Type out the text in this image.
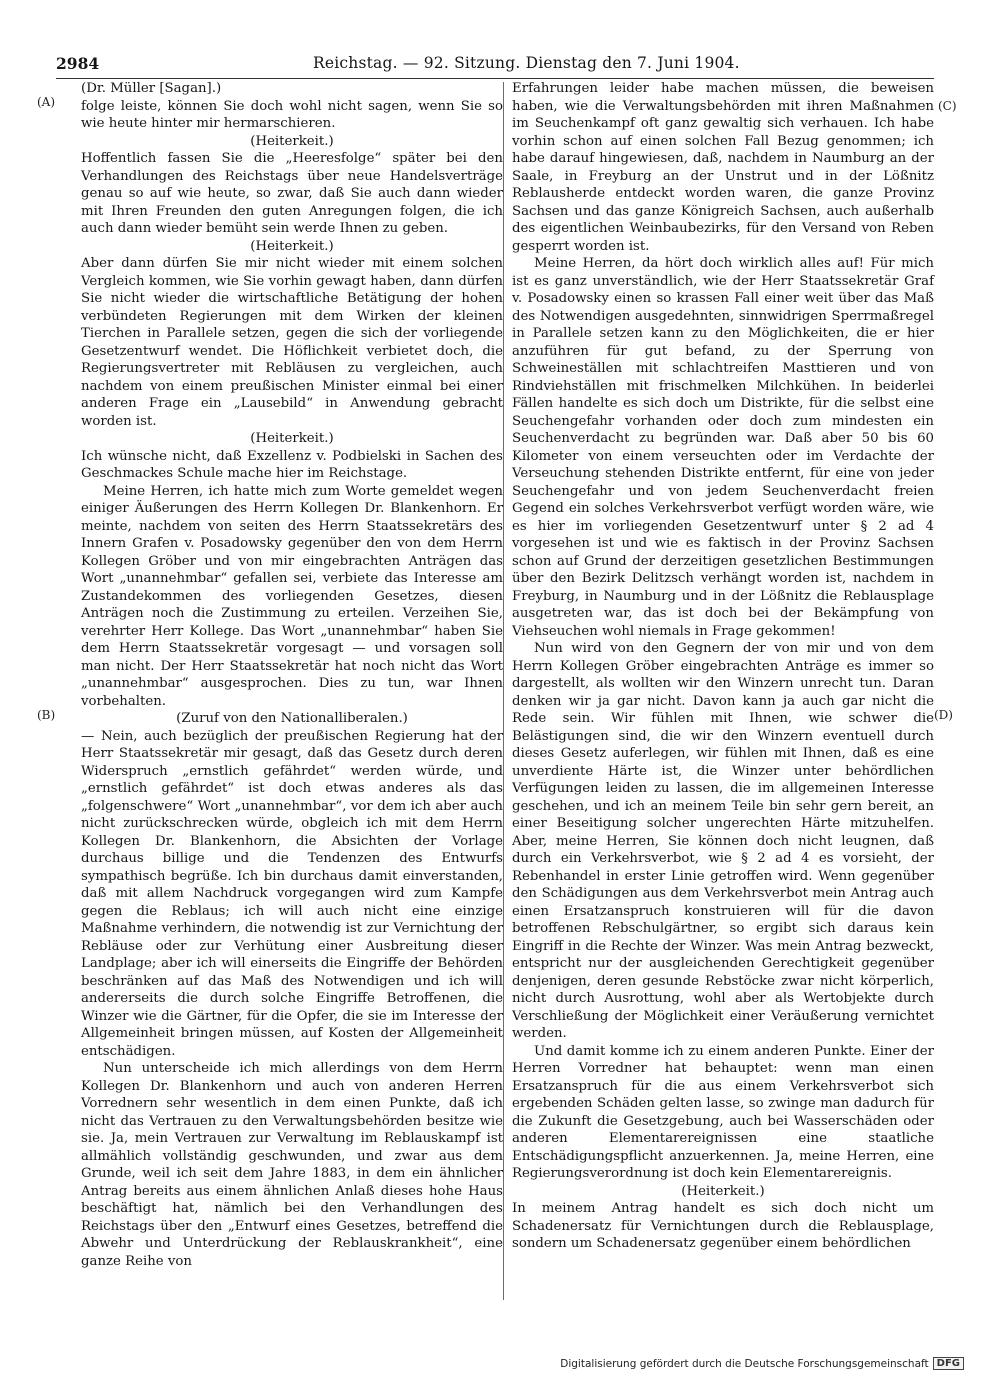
2984	Reichstag. — 92. Sitzung. Dienstag den 7. Juni 1904.
(A)
(B)
(C)
(D)
(Dr. Müller [Sagan].)

folge leiste, können Sie doch wohl nicht sagen, wenn Sie so wie heute hinter mir hermarschieren.

(Heiterkeit.)

Hoffentlich fassen Sie die „Heeresfolge“ später bei den Verhandlungen des Reichstags über neue Handelsverträge genau so auf wie heute, so zwar, daß Sie auch dann wieder mit Ihren Freunden den guten Anregungen folgen, die ich auch dann wieder bemüht sein werde Ihnen zu geben.

(Heiterkeit.)

Aber dann dürfen Sie mir nicht wieder mit einem solchen Vergleich kommen, wie Sie vorhin gewagt haben, dann dürfen Sie nicht wieder die wirtschaftliche Betätigung der hohen verbündeten Regierungen mit dem Wirken der kleinen Tierchen in Parallele setzen, gegen die sich der vorliegende Gesetzentwurf wendet. Die Höflichkeit verbietet doch, die Regierungsvertreter mit Rebläusen zu vergleichen, auch nachdem von einem preußischen Minister einmal bei einer anderen Frage ein „Lausebild“ in Anwendung gebracht worden ist.

(Heiterkeit.)

Ich wünsche nicht, daß Exzellenz v. Podbielski in Sachen des Geschmackes Schule mache hier im Reichstage.

Meine Herren, ich hatte mich zum Worte gemeldet wegen einiger Äußerungen des Herrn Kollegen Dr. Blankenhorn. Er meinte, nachdem von seiten des Herrn Staatssekretärs des Innern Grafen v. Posadowsky gegenüber den von dem Herrn Kollegen Gröber und von mir eingebrachten Anträgen das Wort „unannehmbar“ gefallen sei, verbiete das Interesse am Zustandekommen des vorliegenden Gesetzes, diesen Anträgen noch die Zustimmung zu erteilen. Verzeihen Sie, verehrter Herr Kollege. Das Wort „unannehmbar“ haben Sie dem Herrn Staatssekretär vorgesagt — und vorsagen soll man nicht. Der Herr Staatssekretär hat noch nicht das Wort „unannehmbar“ ausgesprochen. Dies zu tun, war Ihnen vorbehalten.

(Zuruf von den Nationalliberalen.)

— Nein, auch bezüglich der preußischen Regierung hat der Herr Staatssekretär mir gesagt, daß das Gesetz durch deren Widerspruch „ernstlich gefährdet“ werden würde, und „ernstlich gefährdet“ ist doch etwas anderes als das „folgenschwere“ Wort „unannehmbar“, vor dem ich aber auch nicht zurückschrecken würde, obgleich ich mit dem Herrn Kollegen Dr. Blankenhorn, die Absichten der Vorlage durchaus billige und die Tendenzen des Entwurfs sympathisch begrüße. Ich bin durchaus damit einverstanden, daß mit allem Nachdruck vorgegangen wird zum Kampfe gegen die Reblaus; ich will auch nicht eine einzige Maßnahme verhindern, die notwendig ist zur Vernichtung der Rebläuse oder zur Verhütung einer Ausbreitung dieser Landplage; aber ich will einerseits die Eingriffe der Behörden beschränken auf das Maß des Notwendigen und ich will andererseits die durch solche Eingriffe Betroffenen, die Winzer wie die Gärtner, für die Opfer, die sie im Interesse der Allgemeinheit bringen müssen, auf Kosten der Allgemeinheit entschädigen.

Nun unterscheide ich mich allerdings von dem Herrn Kollegen Dr. Blankenhorn und auch von anderen Herren Vorrednern sehr wesentlich in dem einen Punkte, daß ich nicht das Vertrauen zu den Verwaltungsbehörden besitze wie sie. Ja, mein Vertrauen zur Verwaltung im Reblauskampf ist allmählich vollständig geschwunden, und zwar aus dem Grunde, weil ich seit dem Jahre 1883, in dem ein ähnlicher Antrag bereits aus einem ähnlichen Anlaß dieses hohe Haus beschäftigt hat, nämlich bei den Verhandlungen des Reichstags über den „Entwurf eines Gesetzes, betreffend die Abwehr und Unterdrückung der Reblauskrankheit“, eine ganze Reihe von

Erfahrungen leider habe machen müssen, die beweisen haben, wie die Verwaltungsbehörden mit ihren Maßnahmen im Seuchenkampf oft ganz gewaltig sich verhauen. Ich habe vorhin schon auf einen solchen Fall Bezug genommen; ich habe darauf hingewiesen, daß, nachdem in Naumburg an der Saale, in Freyburg an der Unstrut und in der Lößnitz Reblausherde entdeckt worden waren, die ganze Provinz Sachsen und das ganze Königreich Sachsen, auch außerhalb des eigentlichen Weinbaubezirks, für den Versand von Reben gesperrt worden ist.

Meine Herren, da hört doch wirklich alles auf! Für mich ist es ganz unverständlich, wie der Herr Staatssekretär Graf v. Posadowsky einen so krassen Fall einer weit über das Maß des Notwendigen ausgedehnten, sinnwidrigen Sperrmaßregel in Parallele setzen kann zu den Möglichkeiten, die er hier anzuführen für gut befand, zu der Sperrung von Schweineställen mit schlachtreifen Masttieren und von Rindviehställen mit frischmelken Milchkühen. In beiderlei Fällen handelte es sich doch um Distrikte, für die selbst eine Seuchengefahr vorhanden oder doch zum mindesten ein Seuchenverdacht zu begründen war. Daß aber 50 bis 60 Kilometer von einem verseuchten oder im Verdachte der Verseuchung stehenden Distrikte entfernt, für eine von jeder Seuchengefahr und von jedem Seuchenverdacht freien Gegend ein solches Verkehrsverbot verfügt worden wäre, wie es hier im vorliegenden Gesetzentwurf unter § 2 ad 4 vorgesehen ist und wie es faktisch in der Provinz Sachsen schon auf Grund der derzeitigen gesetzlichen Bestimmungen über den Bezirk Delitzsch verhängt worden ist, nachdem in Freyburg, in Naumburg und in der Lößnitz die Reblausplage ausgetreten war, das ist doch bei der Bekämpfung von Viehseuchen wohl niemals in Frage gekommen!

Nun wird von den Gegnern der von mir und von dem Herrn Kollegen Gröber eingebrachten Anträge es immer so dargestellt, als wollten wir den Winzern unrecht tun. Daran denken wir ja gar nicht. Davon kann ja auch gar nicht die Rede sein. Wir fühlen mit Ihnen, wie schwer die Belästigungen sind, die wir den Winzern eventuell durch dieses Gesetz auferlegen, wir fühlen mit Ihnen, daß es eine unverdiente Härte ist, die Winzer unter behördlichen Verfügungen leiden zu lassen, die im allgemeinen Interesse geschehen, und ich an meinem Teile bin sehr gern bereit, an einer Beseitigung solcher ungerechten Härte mitzuhelfen. Aber, meine Herren, Sie können doch nicht leugnen, daß durch ein Verkehrsverbot, wie § 2 ad 4 es vorsieht, der Rebenhandel in erster Linie getroffen wird. Wenn gegenüber den Schädigungen aus dem Verkehrsverbot mein Antrag auch einen Ersatzanspruch konstruieren will für die davon betroffenen Rebschulgärtner, so ergibt sich daraus kein Eingriff in die Rechte der Winzer. Was mein Antrag bezweckt, entspricht nur der ausgleichenden Gerechtigkeit gegenüber denjenigen, deren gesunde Rebstöcke zwar nicht körperlich, nicht durch Ausrottung, wohl aber als Wertobjekte durch Verschließung der Möglichkeit einer Veräußerung vernichtet werden.

Und damit komme ich zu einem anderen Punkte. Einer der Herren Vorredner hat behauptet: wenn man einen Ersatzanspruch für die aus einem Verkehrsverbot sich ergebenden Schäden gelten lasse, so zwinge man dadurch für die Zukunft die Gesetzgebung, auch bei Wasserschäden oder anderen Elementarereignissen eine staatliche Entschädigungspflicht anzuerkennen. Ja, meine Herren, eine Regierungsverordnung ist doch kein Elementarereignis.

(Heiterkeit.)

In meinem Antrag handelt es sich doch nicht um Schadenersatz für Vernichtungen durch die Reblausplage, sondern um Schadenersatz gegenüber einem behördlichen

Digitalisierung gefördert durch die Deutsche Forschungsgemeinschaft DFG
